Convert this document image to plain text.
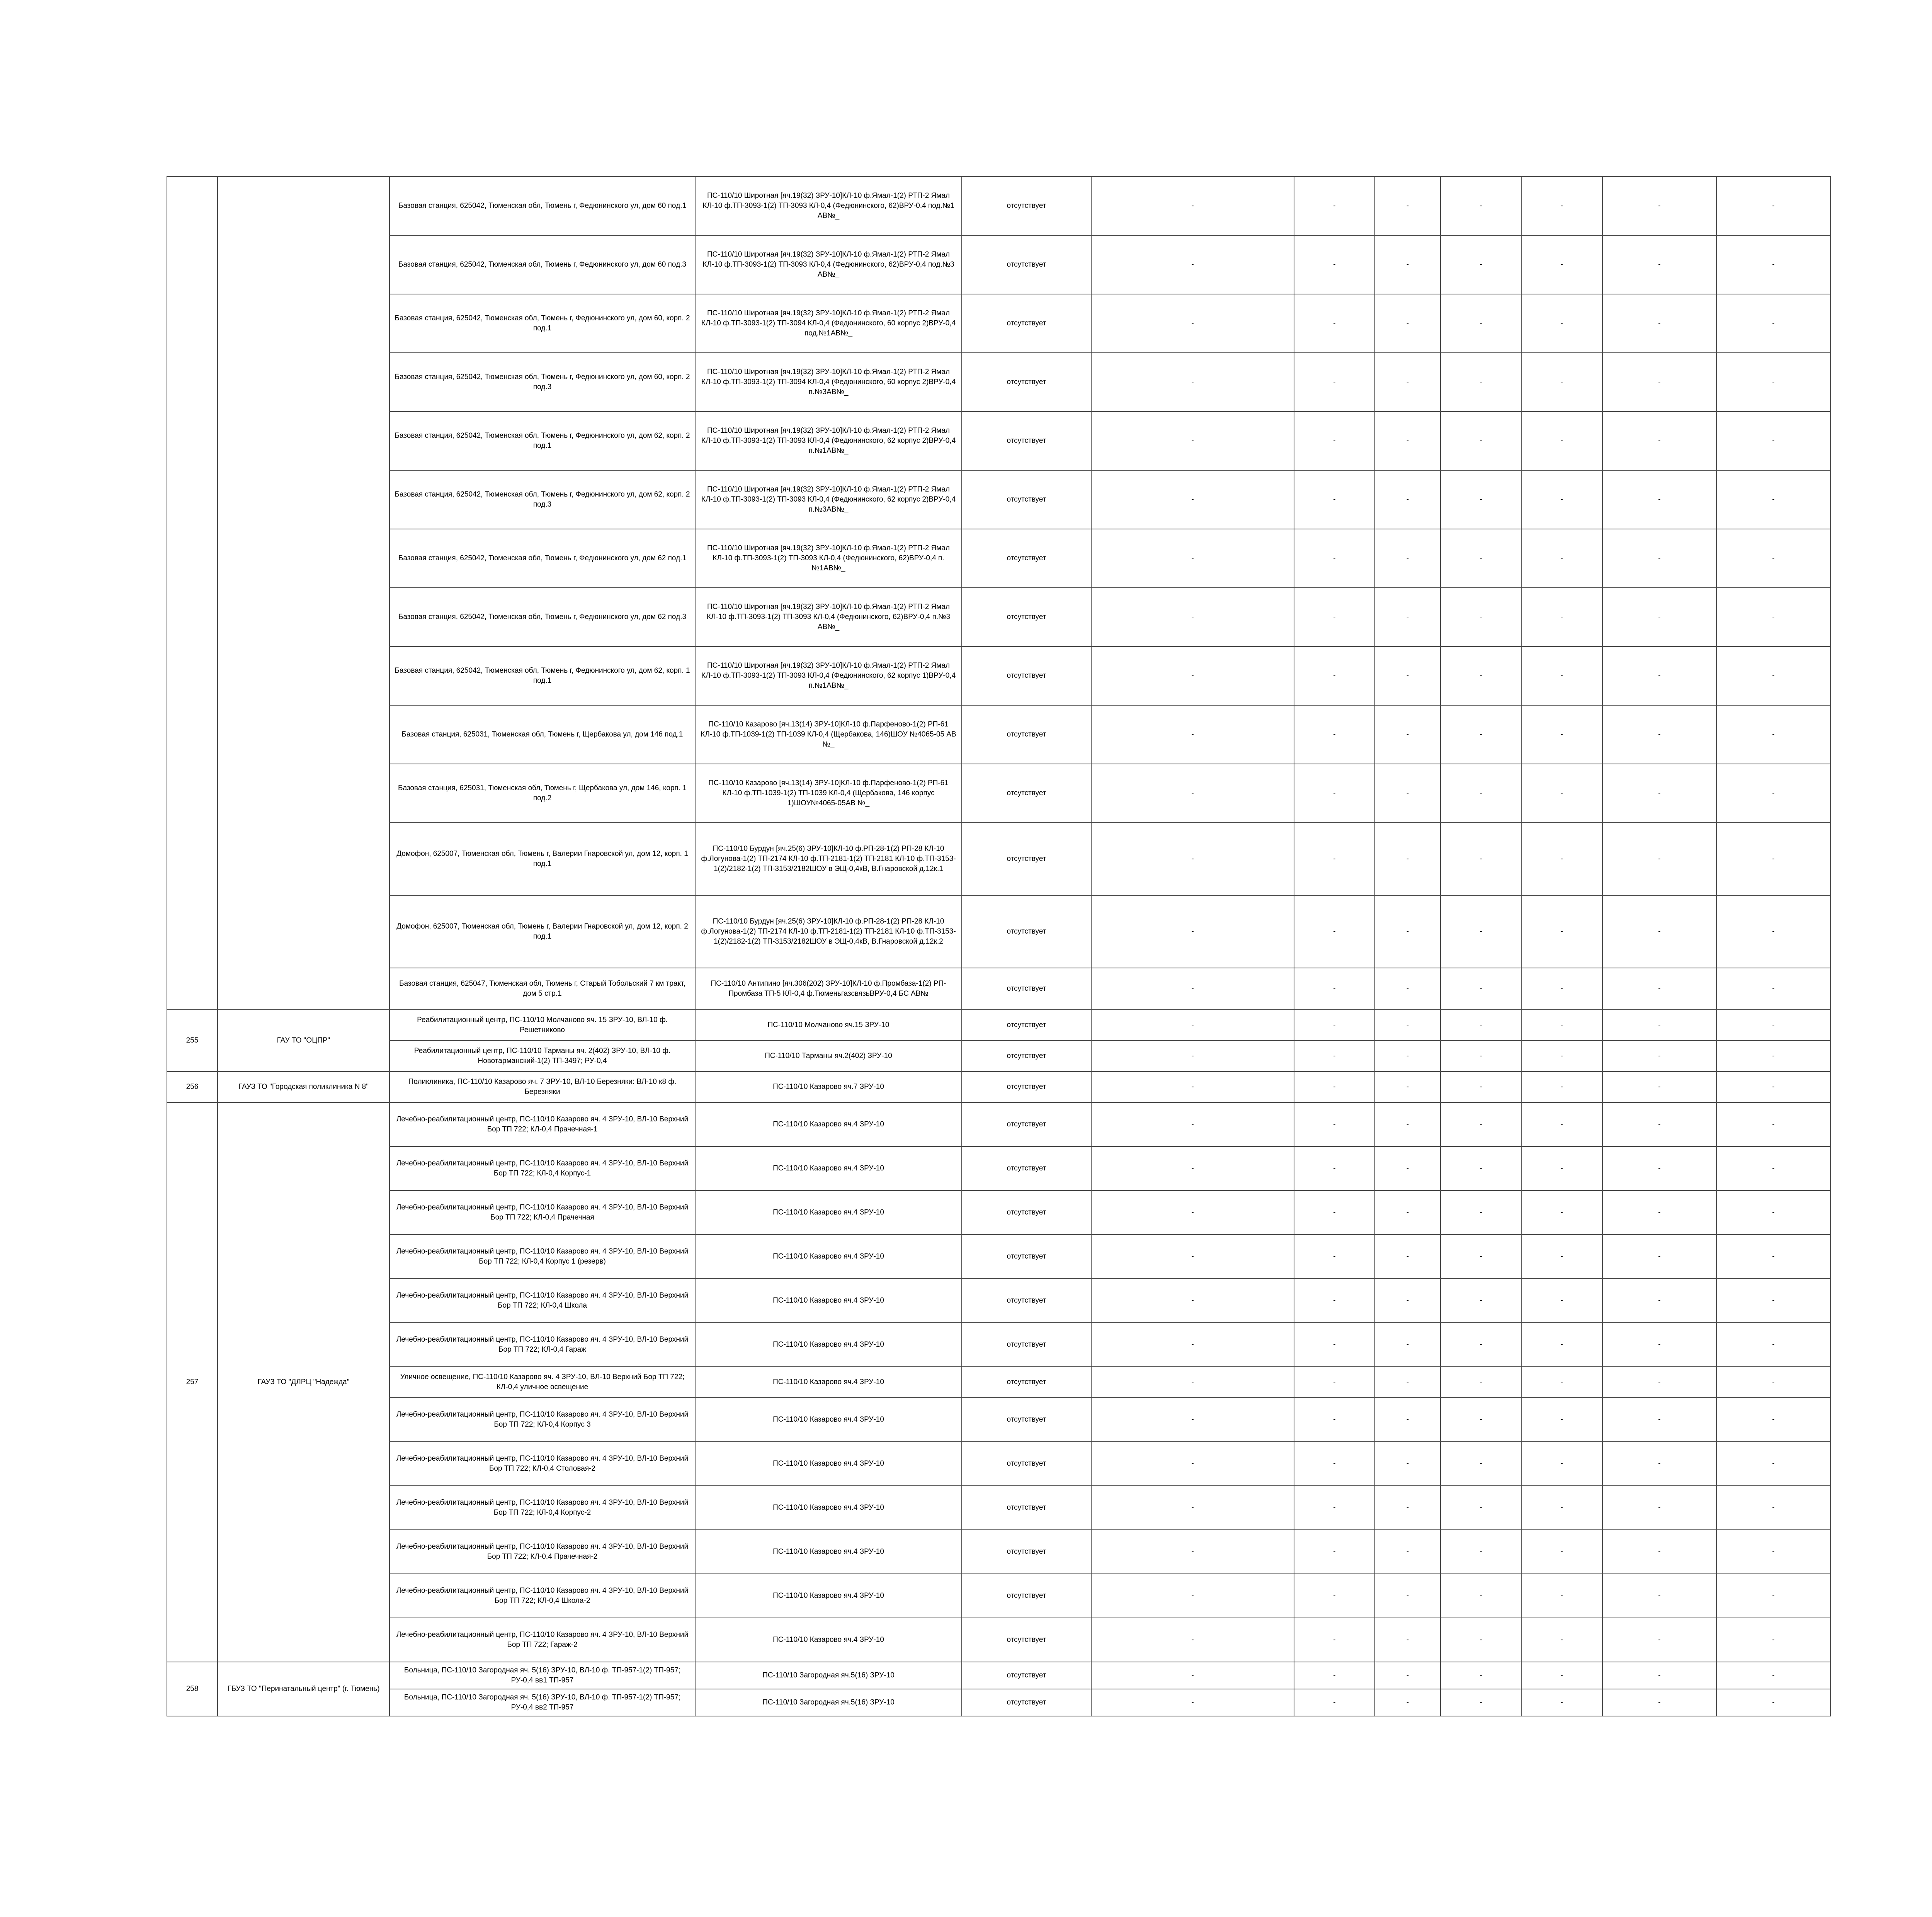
		Базовая станция, 625042, Тюменская обл, Тюмень г, Федюнинского ул, дом 60 под.1	ПС-110/10 Широтная [яч.19(32) ЗРУ-10]КЛ-10 ф.Ямал-1(2) РТП-2 Ямал КЛ-10 ф.ТП-3093-1(2) ТП-3093 КЛ-0,4 (Федюнинского, 62)ВРУ-0,4 под.№1 АВ№_	отсутствует	-	-	-	-	-	-	-
		Базовая станция, 625042, Тюменская обл, Тюмень г, Федюнинского ул, дом 60 под.3	ПС-110/10 Широтная [яч.19(32) ЗРУ-10]КЛ-10 ф.Ямал-1(2) РТП-2 Ямал КЛ-10 ф.ТП-3093-1(2) ТП-3093 КЛ-0,4 (Федюнинского, 62)ВРУ-0,4 под.№3 АВ№_	отсутствует	-	-	-	-	-	-	-
		Базовая станция, 625042, Тюменская обл, Тюмень г, Федюнинского ул, дом 60, корп. 2 под.1	ПС-110/10 Широтная [яч.19(32) ЗРУ-10]КЛ-10 ф.Ямал-1(2) РТП-2 Ямал КЛ-10 ф.ТП-3093-1(2) ТП-3094 КЛ-0,4 (Федюнинского, 60 корпус 2)ВРУ-0,4 под.№1АВ№_	отсутствует	-	-	-	-	-	-	-
		Базовая станция, 625042, Тюменская обл, Тюмень г, Федюнинского ул, дом 60, корп. 2 под.3	ПС-110/10 Широтная [яч.19(32) ЗРУ-10]КЛ-10 ф.Ямал-1(2) РТП-2 Ямал КЛ-10 ф.ТП-3093-1(2) ТП-3094 КЛ-0,4 (Федюнинского, 60 корпус 2)ВРУ-0,4 п.№3АВ№_	отсутствует	-	-	-	-	-	-	-
		Базовая станция, 625042, Тюменская обл, Тюмень г, Федюнинского ул, дом 62, корп. 2 под.1	ПС-110/10 Широтная [яч.19(32) ЗРУ-10]КЛ-10 ф.Ямал-1(2) РТП-2 Ямал КЛ-10 ф.ТП-3093-1(2) ТП-3093 КЛ-0,4 (Федюнинского, 62 корпус 2)ВРУ-0,4 п.№1АВ№_	отсутствует	-	-	-	-	-	-	-
		Базовая станция, 625042, Тюменская обл, Тюмень г, Федюнинского ул, дом 62, корп. 2 под.3	ПС-110/10 Широтная [яч.19(32) ЗРУ-10]КЛ-10 ф.Ямал-1(2) РТП-2 Ямал КЛ-10 ф.ТП-3093-1(2) ТП-3093 КЛ-0,4 (Федюнинского, 62 корпус 2)ВРУ-0,4 п.№3АВ№_	отсутствует	-	-	-	-	-	-	-
		Базовая станция, 625042, Тюменская обл, Тюмень г, Федюнинского ул, дом 62 под.1	ПС-110/10 Широтная [яч.19(32) ЗРУ-10]КЛ-10 ф.Ямал-1(2) РТП-2 Ямал КЛ-10 ф.ТП-3093-1(2) ТП-3093 КЛ-0,4 (Федюнинского, 62)ВРУ-0,4 п.№1АВ№_	отсутствует	-	-	-	-	-	-	-
		Базовая станция, 625042, Тюменская обл, Тюмень г, Федюнинского ул, дом 62 под.3	ПС-110/10 Широтная [яч.19(32) ЗРУ-10]КЛ-10 ф.Ямал-1(2) РТП-2 Ямал КЛ-10 ф.ТП-3093-1(2) ТП-3093 КЛ-0,4 (Федюнинского, 62)ВРУ-0,4 п.№3 АВ№_	отсутствует	-	-	-	-	-	-	-
		Базовая станция, 625042, Тюменская обл, Тюмень г, Федюнинского ул, дом 62, корп. 1 под.1	ПС-110/10 Широтная [яч.19(32) ЗРУ-10]КЛ-10 ф.Ямал-1(2) РТП-2 Ямал КЛ-10 ф.ТП-3093-1(2) ТП-3093 КЛ-0,4 (Федюнинского, 62 корпус 1)ВРУ-0,4 п.№1АВ№_	отсутствует	-	-	-	-	-	-	-
		Базовая станция, 625031, Тюменская обл, Тюмень г, Щербакова ул, дом 146 под.1	ПС-110/10 Казарово [яч.13(14) ЗРУ-10]КЛ-10 ф.Парфеново-1(2) РП-61 КЛ-10 ф.ТП-1039-1(2) ТП-1039 КЛ-0,4 (Щербакова, 146)ШОУ №4065-05 АВ №_	отсутствует	-	-	-	-	-	-	-
		Базовая станция, 625031, Тюменская обл, Тюмень г, Щербакова ул, дом 146, корп. 1 под.2	ПС-110/10 Казарово [яч.13(14) ЗРУ-10]КЛ-10 ф.Парфеново-1(2) РП-61 КЛ-10 ф.ТП-1039-1(2) ТП-1039 КЛ-0,4 (Щербакова, 146 корпус 1)ШОУ№4065-05АВ №_	отсутствует	-	-	-	-	-	-	-
		Домофон, 625007, Тюменская обл, Тюмень г, Валерии Гнаровской ул, дом 12, корп. 1 под.1	ПС-110/10 Бурдун [яч.25(6) ЗРУ-10]КЛ-10 ф.РП-28-1(2) РП-28 КЛ-10 ф.Логунова-1(2) ТП-2174 КЛ-10 ф.ТП-2181-1(2) ТП-2181 КЛ-10 ф.ТП-3153-1(2)/2182-1(2) ТП-3153/2182ШОУ в ЭЩ-0,4кВ, В.Гнаровской д.12к.1	отсутствует	-	-	-	-	-	-	-
		Домофон, 625007, Тюменская обл, Тюмень г, Валерии Гнаровской ул, дом 12, корп. 2 под.1	ПС-110/10 Бурдун [яч.25(6) ЗРУ-10]КЛ-10 ф.РП-28-1(2) РП-28 КЛ-10 ф.Логунова-1(2) ТП-2174 КЛ-10 ф.ТП-2181-1(2) ТП-2181 КЛ-10 ф.ТП-3153-1(2)/2182-1(2) ТП-3153/2182ШОУ в ЭЩ-0,4кВ, В.Гнаровской д.12к.2	отсутствует	-	-	-	-	-	-	-
		Базовая станция, 625047, Тюменская обл, Тюмень г, Старый Тобольский 7 км тракт, дом 5 стр.1	ПС-110/10 Антипино [яч.306(202) ЗРУ-10]КЛ-10 ф.Промбаза-1(2) РП-Промбаза ТП-5 КЛ-0,4 ф.ТюменьгазсвязьВРУ-0,4 БС АВ№	отсутствует	-	-	-	-	-	-	-
255	ГАУ ТО "ОЦПР"	Реабилитационный центр, ПС-110/10 Молчаново яч. 15 ЗРУ-10, ВЛ-10 ф. Решетниково	ПС-110/10 Молчаново яч.15 ЗРУ-10	отсутствует	-	-	-	-	-	-	-
		Реабилитационный центр, ПС-110/10 Тарманы яч. 2(402) ЗРУ-10, ВЛ-10 ф. Новотарманский-1(2) ТП-3497; РУ-0,4	ПС-110/10 Тарманы яч.2(402) ЗРУ-10	отсутствует	-	-	-	-	-	-	-
256	ГАУЗ ТО "Городская поликлиника N 8"	Поликлиника, ПС-110/10 Казарово яч. 7 ЗРУ-10, ВЛ-10 Березняки: ВЛ-10 к8 ф. Березняки	ПС-110/10 Казарово яч.7 ЗРУ-10	отсутствует	-	-	-	-	-	-	-
257	ГАУЗ ТО "ДЛРЦ "Надежда"	Лечебно-реабилитационный центр, ПС-110/10 Казарово яч. 4 ЗРУ-10, ВЛ-10 Верхний Бор ТП 722; КЛ-0,4 Прачечная-1	ПС-110/10 Казарово яч.4 ЗРУ-10	отсутствует	-	-	-	-	-	-	-
		Лечебно-реабилитационный центр, ПС-110/10 Казарово яч. 4 ЗРУ-10, ВЛ-10 Верхний Бор ТП 722; КЛ-0,4 Корпус-1	ПС-110/10 Казарово яч.4 ЗРУ-10	отсутствует	-	-	-	-	-	-	-
		Лечебно-реабилитационный центр, ПС-110/10 Казарово яч. 4 ЗРУ-10, ВЛ-10 Верхний Бор ТП 722; КЛ-0,4 Прачечная	ПС-110/10 Казарово яч.4 ЗРУ-10	отсутствует	-	-	-	-	-	-	-
		Лечебно-реабилитационный центр, ПС-110/10 Казарово яч. 4 ЗРУ-10, ВЛ-10 Верхний Бор ТП 722; КЛ-0,4 Корпус 1 (резерв)	ПС-110/10 Казарово яч.4 ЗРУ-10	отсутствует	-	-	-	-	-	-	-
		Лечебно-реабилитационный центр, ПС-110/10 Казарово яч. 4 ЗРУ-10, ВЛ-10 Верхний Бор ТП 722; КЛ-0,4 Школа	ПС-110/10 Казарово яч.4 ЗРУ-10	отсутствует	-	-	-	-	-	-	-
		Лечебно-реабилитационный центр, ПС-110/10 Казарово яч. 4 ЗРУ-10, ВЛ-10 Верхний Бор ТП 722; КЛ-0,4 Гараж	ПС-110/10 Казарово яч.4 ЗРУ-10	отсутствует	-	-	-	-	-	-	-
		Уличное освещение, ПС-110/10 Казарово яч. 4 ЗРУ-10, ВЛ-10 Верхний Бор ТП 722; КЛ-0,4 уличное освещение	ПС-110/10 Казарово яч.4 ЗРУ-10	отсутствует	-	-	-	-	-	-	-
		Лечебно-реабилитационный центр, ПС-110/10 Казарово яч. 4 ЗРУ-10, ВЛ-10 Верхний Бор ТП 722; КЛ-0,4 Корпус 3	ПС-110/10 Казарово яч.4 ЗРУ-10	отсутствует	-	-	-	-	-	-	-
		Лечебно-реабилитационный центр, ПС-110/10 Казарово яч. 4 ЗРУ-10, ВЛ-10 Верхний Бор ТП 722; КЛ-0,4 Столовая-2	ПС-110/10 Казарово яч.4 ЗРУ-10	отсутствует	-	-	-	-	-	-	-
		Лечебно-реабилитационный центр, ПС-110/10 Казарово яч. 4 ЗРУ-10, ВЛ-10 Верхний Бор ТП 722; КЛ-0,4 Корпус-2	ПС-110/10 Казарово яч.4 ЗРУ-10	отсутствует	-	-	-	-	-	-	-
		Лечебно-реабилитационный центр, ПС-110/10 Казарово яч. 4 ЗРУ-10, ВЛ-10 Верхний Бор ТП 722; КЛ-0,4 Прачечная-2	ПС-110/10 Казарово яч.4 ЗРУ-10	отсутствует	-	-	-	-	-	-	-
		Лечебно-реабилитационный центр, ПС-110/10 Казарово яч. 4 ЗРУ-10, ВЛ-10 Верхний Бор ТП 722; КЛ-0,4 Школа-2	ПС-110/10 Казарово яч.4 ЗРУ-10	отсутствует	-	-	-	-	-	-	-
		Лечебно-реабилитационный центр, ПС-110/10 Казарово яч. 4 ЗРУ-10, ВЛ-10 Верхний Бор ТП 722; Гараж-2	ПС-110/10 Казарово яч.4 ЗРУ-10	отсутствует	-	-	-	-	-	-	-
258	ГБУЗ ТО "Перинатальный центр" (г. Тюмень)	Больница, ПС-110/10 Загородная яч. 5(16) ЗРУ-10, ВЛ-10 ф. ТП-957-1(2) ТП-957; РУ-0,4 вв1 ТП-957	ПС-110/10 Загородная яч.5(16) ЗРУ-10	отсутствует	-	-	-	-	-	-	-
		Больница, ПС-110/10 Загородная яч. 5(16) ЗРУ-10, ВЛ-10 ф. ТП-957-1(2) ТП-957; РУ-0,4 вв2 ТП-957	ПС-110/10 Загородная яч.5(16) ЗРУ-10	отсутствует	-	-	-	-	-	-	-
